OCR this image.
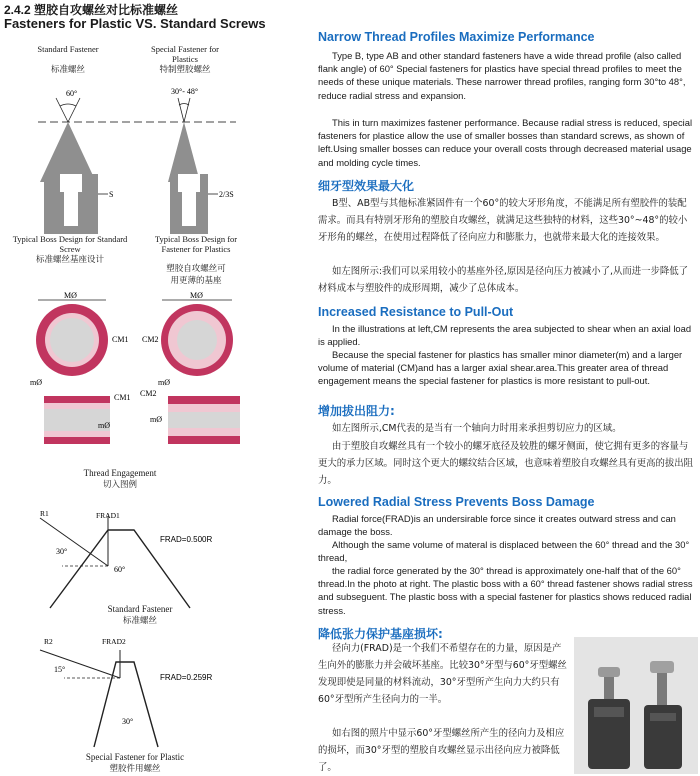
2.4.2 塑胶自攻螺丝对比标准螺丝
Fasteners for Plastic VS. Standard Screws
Standard Fastener
标准螺丝
Special Fastener for Plastics
特制塑胶螺丝
60°	30°- 48°
S	2/3S
Typical Boss Design for Standard Screw
标准螺丝基座设计
Typical Boss Design for Fastener for Plastics
塑胶自攻螺丝可
用更薄的基座
MØ
CM1
mØ
MØ
CM2
mØ
CM1
mØ
CM2
mØ
Thread Engagement
切入图例
R1	FRAD1
30°
60°
FRAD=0.500R
Standard Fastener
标准螺丝
R2	FRAD2
15°
30°
FRAD=0.259R
Special Fastener for Plastic
塑胶件用螺丝
Narrow Thread Profiles Maximize Performance
Type B, type AB and other standard fasteners have a wide thread profile (also called flank angle) of 60° Special fasteners for plastics have special thread profiles to meet the needs of these unique materials. These narrower thread profiles, ranging form 30°to 48°, reduce radial stress and expansion.
This in turn maximizes fastener performance. Because radial stress is reduced, special fasteners for plastice allow the use of smaller bosses than standard screws, as shown of left.Using smaller bosses can reduce your overall costs through decreased material usage and molding cycle times.
细牙型效果最大化
B型、AB型与其他标准紧固件有一个60°的较大牙形角度，不能满足所有塑胶件的装配需求。而具有特别牙形角的塑胶自攻螺丝，就满足这些独特的材料，这些30°~48°的较小牙形角的螺丝，在使用过程降低了径向应力和膨胀力，也就带来最大化的连接效果。
如左图所示:我们可以采用较小的基座外径,原因是径向压力被减小了,从而进一步降低了材料成本与塑胶件的成形周期，减少了总体成本。
Increased Resistance to Pull-Out
In the illustrations at left,CM represents the area subjected to shear when an axial load is applied.
Because the special fastener for plastics has smaller minor diameter(m) and a larger volume of material (CM)and has a larger axial shear.area.This greater area of thread engagement means the special fastener for plastics is more resistant to pull-out.
增加拔出阻力:
如左图所示,CM代表的是当有一个轴向力时用来承担剪切应力的区域。
由于塑胶自攻螺丝具有一个较小的螺牙底径及较胜的螺牙侧面，使它拥有更多的容量与更大的承力区域。同时这个更大的螺纹结合区域，也意味着塑胶自攻螺丝具有更高的拔出阻力。
Lowered Radial Stress Prevents Boss Damage
Radial force(FRAD)is an undersirable force since it creates outward stress and can damage the boss.
Although the same volume of materal is displaced between the 60° thread and the 30° thread,
the radial force generated by the 30° thread is approximately one-half that of the 60° thread.In the photo at right. The plastic boss with a 60° thread fastener shows radial stress and subseguent. The plastic boss with a special fastener for plastics shows reduced radial stress.
降低张力保护基座损坏:
径向力(FRAD)是一个我们不希望存在的力量，原因是产生向外的膨胀力并会破坏基座。比较30°牙型与60°牙型螺丝发现即使是同量的材料流动，30°牙型所产生向力大约只有60°牙型所产生径向力的一半。
如右图的照片中显示60°牙型螺丝所产生的径向力及相应的损坏，而30°牙型的塑胶自攻螺丝显示出径向应力被降低了。
